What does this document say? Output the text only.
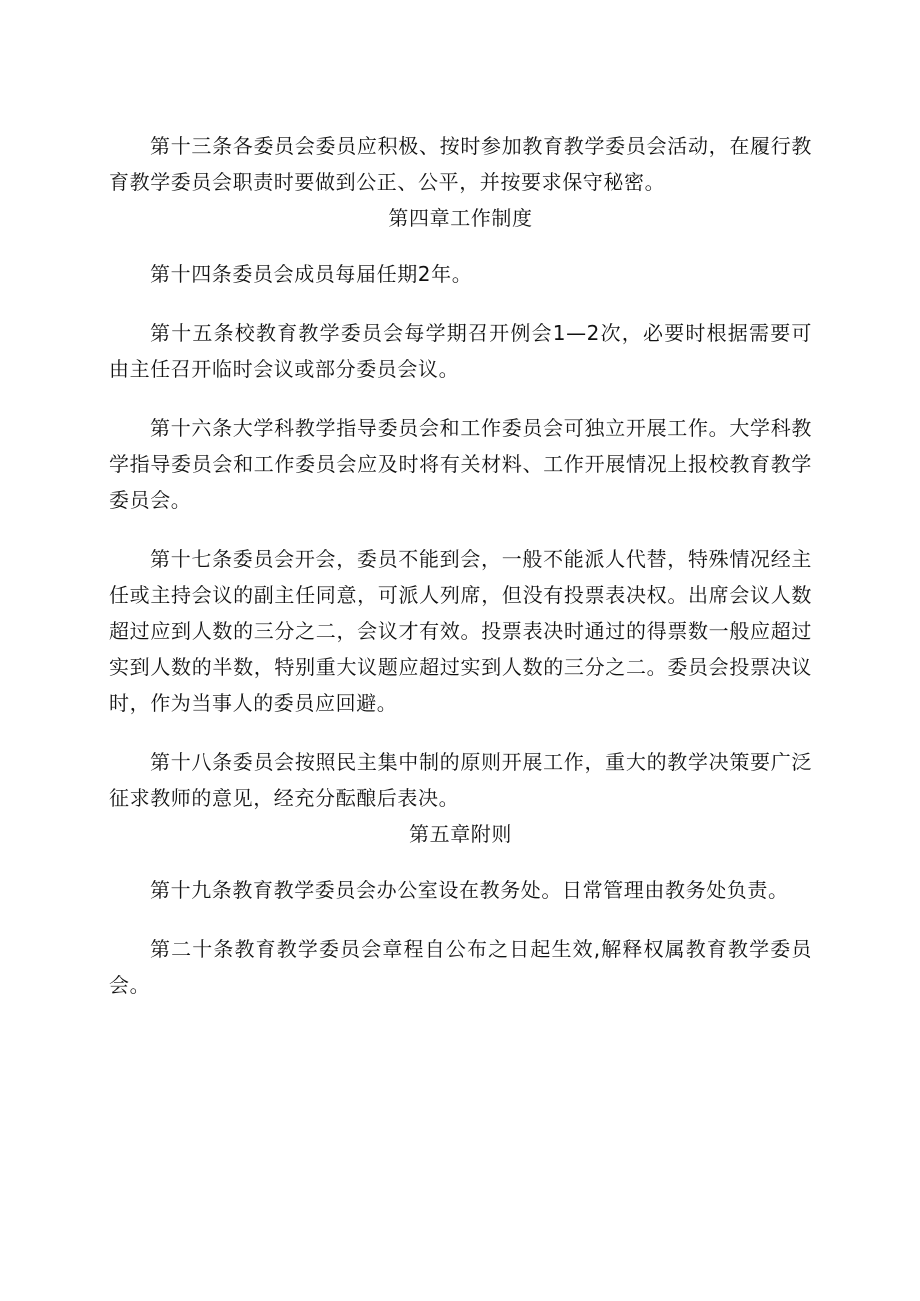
第十三条各委员会委员应积极、按时参加教育教学委员会活动，在履行教育教学委员会职责时要做到公正、公平，并按要求保守秘密。

第四章工作制度

第十四条委员会成员每届任期2年。

第十五条校教育教学委员会每学期召开例会1—2次，必要时根据需要可由主任召开临时会议或部分委员会议。

第十六条大学科教学指导委员会和工作委员会可独立开展工作。大学科教学指导委员会和工作委员会应及时将有关材料、工作开展情况上报校教育教学委员会。

第十七条委员会开会，委员不能到会，一般不能派人代替，特殊情况经主任或主持会议的副主任同意，可派人列席，但没有投票表决权。出席会议人数超过应到人数的三分之二，会议才有效。投票表决时通过的得票数一般应超过实到人数的半数，特别重大议题应超过实到人数的三分之二。委员会投票决议时，作为当事人的委员应回避。

第十八条委员会按照民主集中制的原则开展工作，重大的教学决策要广泛征求教师的意见，经充分酝酿后表决。

第五章附则

第十九条教育教学委员会办公室设在教务处。日常管理由教务处负责。

第二十条教育教学委员会章程自公布之日起生效,解释权属教育教学委员会。
